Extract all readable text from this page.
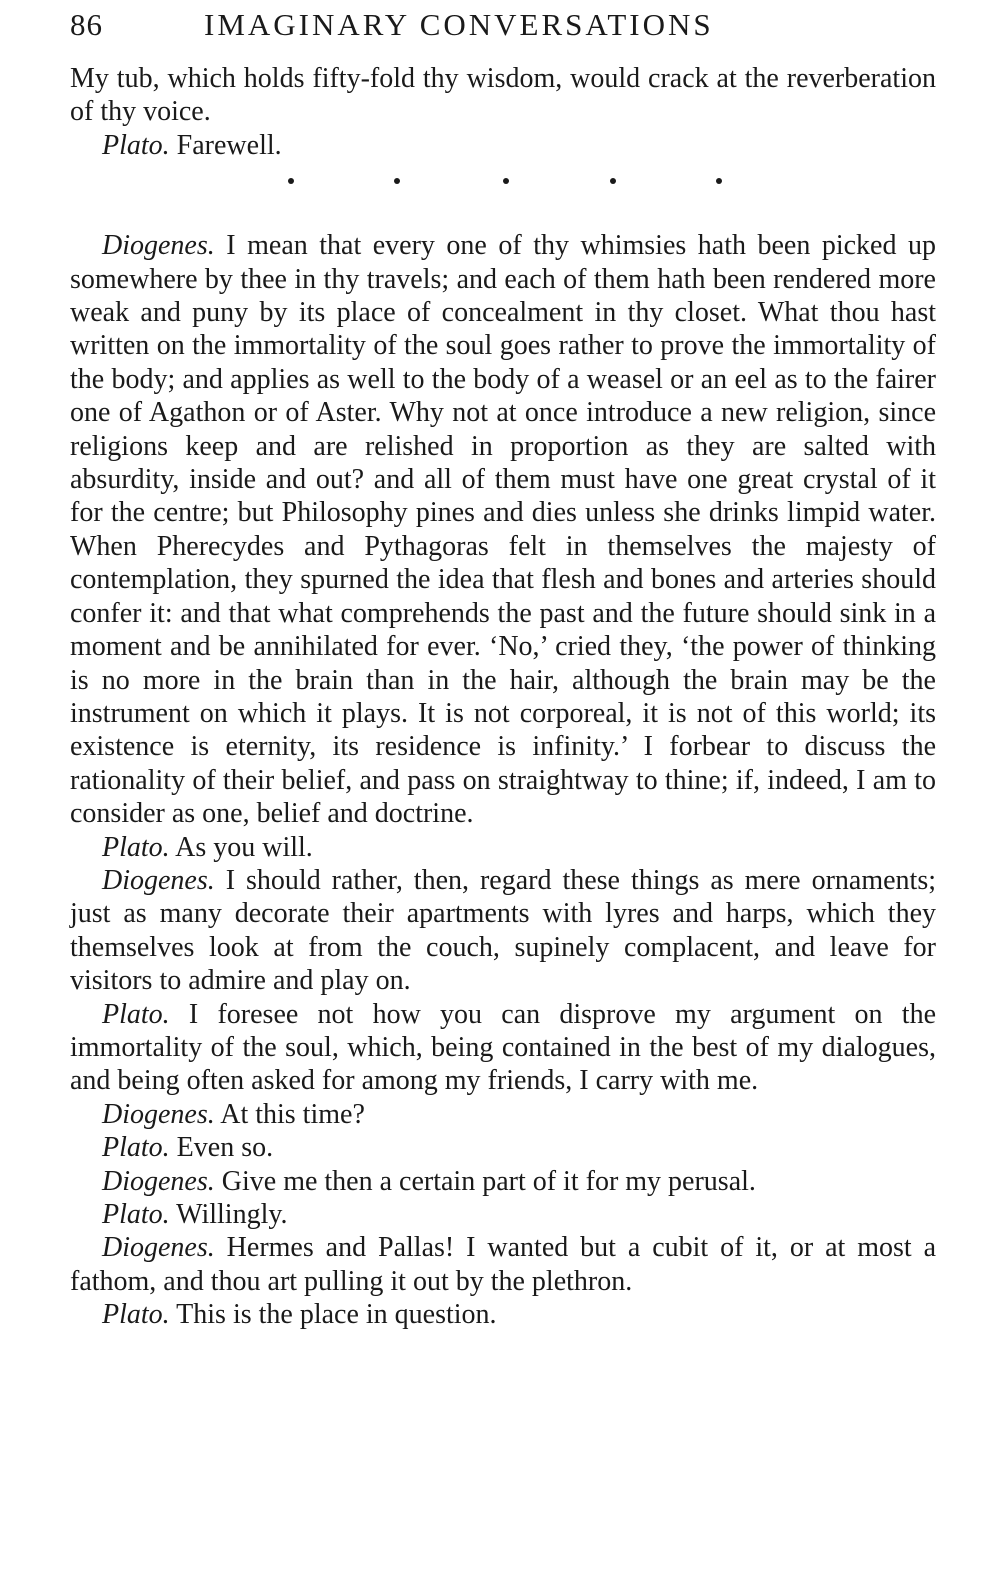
86	IMAGINARY CONVERSATIONS

My tub, which holds fifty-fold thy wisdom, would crack at the reverberation of thy voice.

Plato. Farewell.

Diogenes. I mean that every one of thy whimsies hath been picked up somewhere by thee in thy travels; and each of them hath been rendered more weak and puny by its place of concealment in thy closet. What thou hast written on the immortality of the soul goes rather to prove the immortality of the body; and applies as well to the body of a weasel or an eel as to the fairer one of Agathon or of Aster. Why not at once introduce a new religion, since religions keep and are relished in proportion as they are salted with absurdity, inside and out? and all of them must have one great crystal of it for the centre; but Philosophy pines and dies unless she drinks limpid water. When Pherecydes and Pythagoras felt in themselves the majesty of contemplation, they spurned the idea that flesh and bones and arteries should confer it: and that what comprehends the past and the future should sink in a moment and be annihilated for ever. ‘No,’ cried they, ‘the power of thinking is no more in the brain than in the hair, although the brain may be the instrument on which it plays. It is not corporeal, it is not of this world; its existence is eternity, its residence is infinity.’ I forbear to discuss the rationality of their belief, and pass on straightway to thine; if, indeed, I am to consider as one, belief and doctrine.

Plato. As you will.

Diogenes. I should rather, then, regard these things as mere ornaments; just as many decorate their apartments with lyres and harps, which they themselves look at from the couch, supinely complacent, and leave for visitors to admire and play on.

Plato. I foresee not how you can disprove my argument on the immortality of the soul, which, being contained in the best of my dialogues, and being often asked for among my friends, I carry with me.

Diogenes. At this time?

Plato. Even so.

Diogenes. Give me then a certain part of it for my perusal.

Plato. Willingly.

Diogenes. Hermes and Pallas! I wanted but a cubit of it, or at most a fathom, and thou art pulling it out by the plethron.

Plato. This is the place in question.
